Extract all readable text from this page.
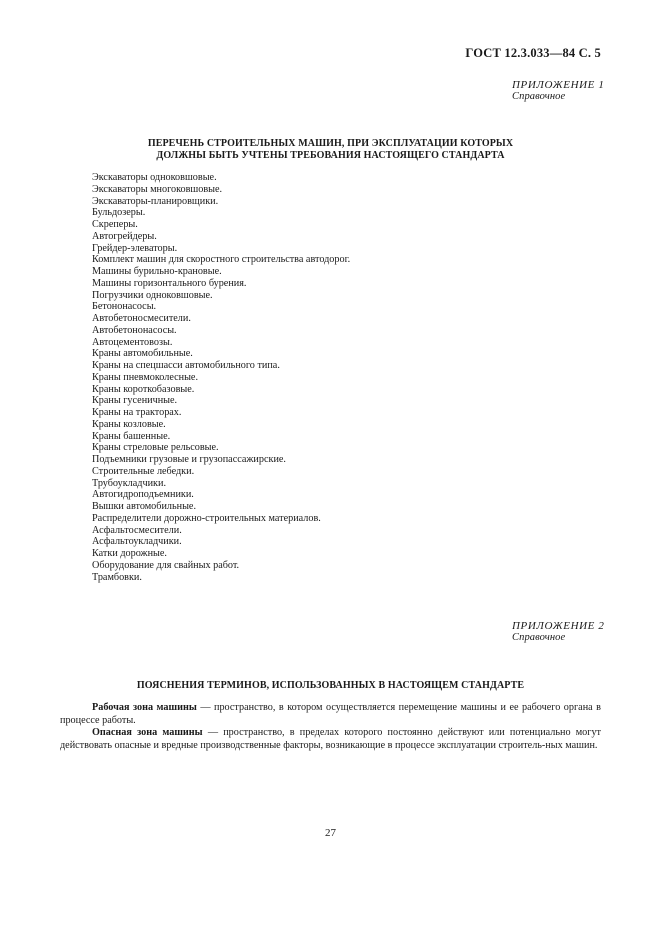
ГОСТ 12.3.033—84 С. 5
ПРИЛОЖЕНИЕ 1
Справочное
ПЕРЕЧЕНЬ СТРОИТЕЛЬНЫХ МАШИН, ПРИ ЭКСПЛУАТАЦИИ КОТОРЫХ
ДОЛЖНЫ БЫТЬ УЧТЕНЫ ТРЕБОВАНИЯ НАСТОЯЩЕГО СТАНДАРТА
Экскаваторы одноковшовые.
Экскаваторы многоковшовые.
Экскаваторы-планировщики.
Бульдозеры.
Скреперы.
Автогрейдеры.
Грейдер-элеваторы.
Комплект машин для скоростного строительства автодорог.
Машины бурильно-крановые.
Машины горизонтального бурения.
Погрузчики одноковшовые.
Бетононасосы.
Автобетоносмесители.
Автобетононасосы.
Автоцементовозы.
Краны автомобильные.
Краны на спецшасси автомобильного типа.
Краны пневмоколесные.
Краны короткобазовые.
Краны гусеничные.
Краны на тракторах.
Краны козловые.
Краны башенные.
Краны стреловые рельсовые.
Подъемники грузовые и грузопассажирские.
Строительные лебедки.
Трубоукладчики.
Автогидроподъемники.
Вышки автомобильные.
Распределители дорожно-строительных материалов.
Асфальтосмесители.
Асфальтоукладчики.
Катки дорожные.
Оборудование для свайных работ.
Трамбовки.
ПРИЛОЖЕНИЕ 2
Справочное
ПОЯСНЕНИЯ ТЕРМИНОВ, ИСПОЛЬЗОВАННЫХ В НАСТОЯЩЕМ СТАНДАРТЕ

Рабочая зона машины — пространство, в котором осуществляется перемещение машины и ее рабочего органа в процессе работы.

Опасная зона машины — пространство, в пределах которого постоянно действуют или потенциально могут действовать опасные и вредные производственные факторы, возникающие в процессе эксплуатации строитель-ных машин.

27
